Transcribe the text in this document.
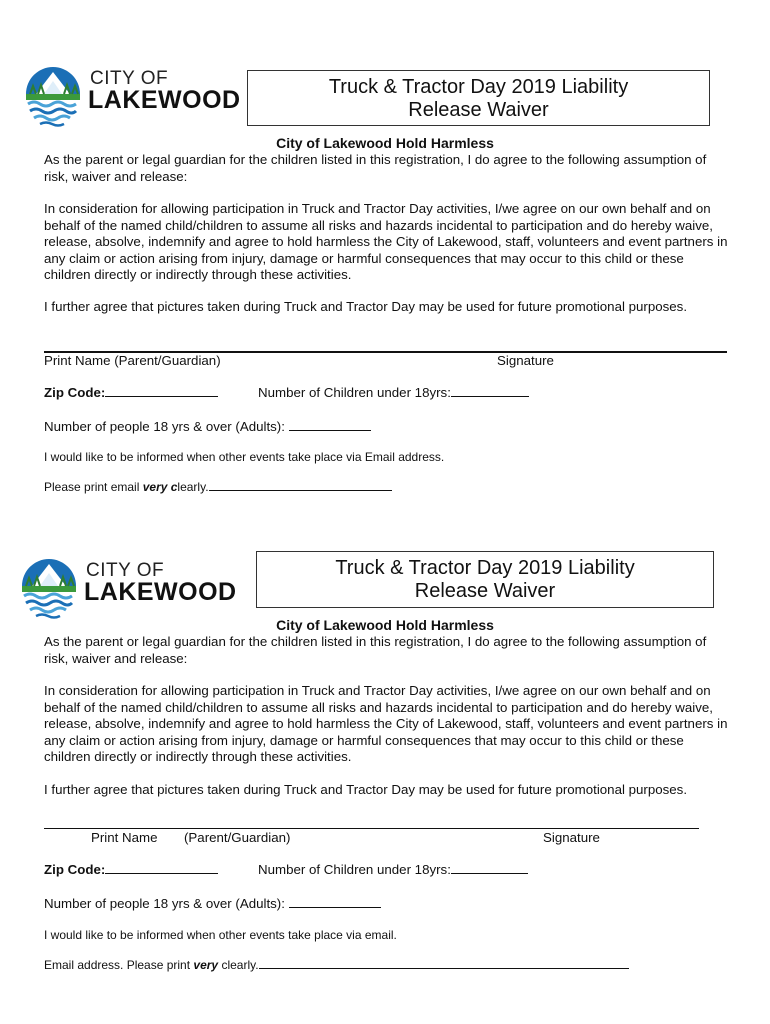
CITY OF
LAKEWOOD	Truck & Tractor Day 2019 Liability
Release Waiver
City of Lakewood Hold Harmless
As the parent or legal guardian for the children listed in this registration, I do agree to the following assumption of risk, waiver and release:
In consideration for allowing participation in Truck and Tractor Day activities, I/we agree on our own behalf and on behalf of the named child/children to assume all risks and hazards incidental to participation and do hereby waive, release, absolve, indemnify and agree to hold harmless the City of Lakewood, staff, volunteers and event partners in any claim or action arising from injury, damage or harmful consequences that may occur to this child or these children directly or indirectly through these activities.
I further agree that pictures taken during Truck and Tractor Day may be used for future promotional purposes.
Print Name (Parent/Guardian)	Signature
Zip Code:	Number of Children under 18yrs:
Number of people 18 yrs & over (Adults):
I would like to be informed when other events take place via Email address.
Please print email very clearly.
CITY OF
LAKEWOOD
Truck & Tractor Day 2019 Liability
Release Waiver
City of Lakewood Hold Harmless
As the parent or legal guardian for the children listed in this registration, I do agree to the following assumption of risk, waiver and release:
In consideration for allowing participation in Truck and Tractor Day activities, I/we agree on our own behalf and on behalf of the named child/children to assume all risks and hazards incidental to participation and do hereby waive, release, absolve, indemnify and agree to hold harmless the City of Lakewood, staff, volunteers and event partners in any claim or action arising from injury, damage or harmful consequences that may occur to this child or these children directly or indirectly through these activities.
I further agree that pictures taken during Truck and Tractor Day may be used for future promotional purposes.
Print Name (Parent/Guardian)	Signature
Zip Code:	Number of Children under 18yrs:
Number of people 18 yrs & over (Adults):
I would like to be informed when other events take place via email.
Email address. Please print very clearly.
